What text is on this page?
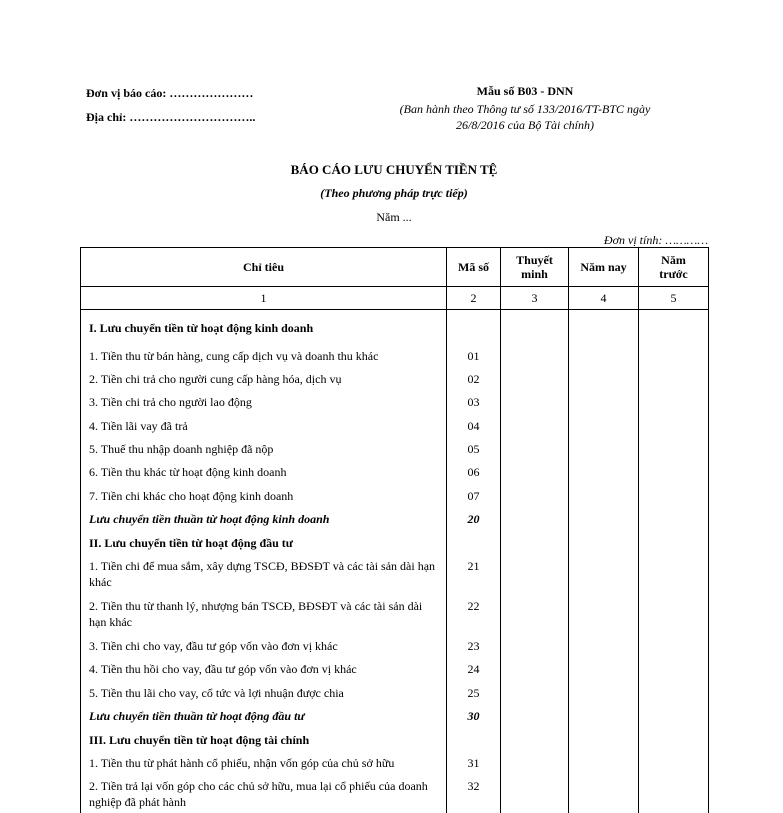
Đơn vị báo cáo: …………………
Địa chỉ: …………………………..
Mẫu số B03 - DNN
(Ban hành theo Thông tư số 133/2016/TT-BTC ngày
26/8/2016 của Bộ Tài chính)
BÁO CÁO LƯU CHUYỂN TIỀN TỆ
(Theo phương pháp trực tiếp)
Năm ...
Đơn vị tính: …………
Chỉ tiêu	Mã số	Thuyết minh	Năm nay	Năm trước
1	2	3	4	5
I. Lưu chuyển tiền từ hoạt động kinh doanh				
1. Tiền thu từ bán hàng, cung cấp dịch vụ và doanh thu khác	01			
2. Tiền chi trả cho người cung cấp hàng hóa, dịch vụ	02			
3. Tiền chi trả cho người lao động	03			
4. Tiền lãi vay đã trả	04			
5. Thuế thu nhập doanh nghiệp đã nộp	05			
6. Tiền thu khác từ hoạt động kinh doanh	06			
7. Tiền chi khác cho hoạt động kinh doanh	07			
Lưu chuyển tiền thuần từ hoạt động kinh doanh	20			
II. Lưu chuyển tiền từ hoạt động đầu tư				
1. Tiền chi để mua sắm, xây dựng TSCĐ, BĐSĐT và các tài sản dài hạn khác	21			
2. Tiền thu từ thanh lý, nhượng bán TSCĐ, BĐSĐT và các tài sản dài hạn khác	22			
3. Tiền chi cho vay, đầu tư góp vốn vào đơn vị khác	23			
4. Tiền thu hồi cho vay, đầu tư góp vốn vào đơn vị khác	24			
5. Tiền thu lãi cho vay, cổ tức và lợi nhuận được chia	25			
Lưu chuyển tiền thuần từ hoạt động đầu tư	30			
III. Lưu chuyển tiền từ hoạt động tài chính				
1. Tiền thu từ phát hành cổ phiếu, nhận vốn góp của chủ sở hữu	31			
2. Tiền trả lại vốn góp cho các chủ sở hữu, mua lại cổ phiếu của doanh nghiệp đã phát hành	32			
